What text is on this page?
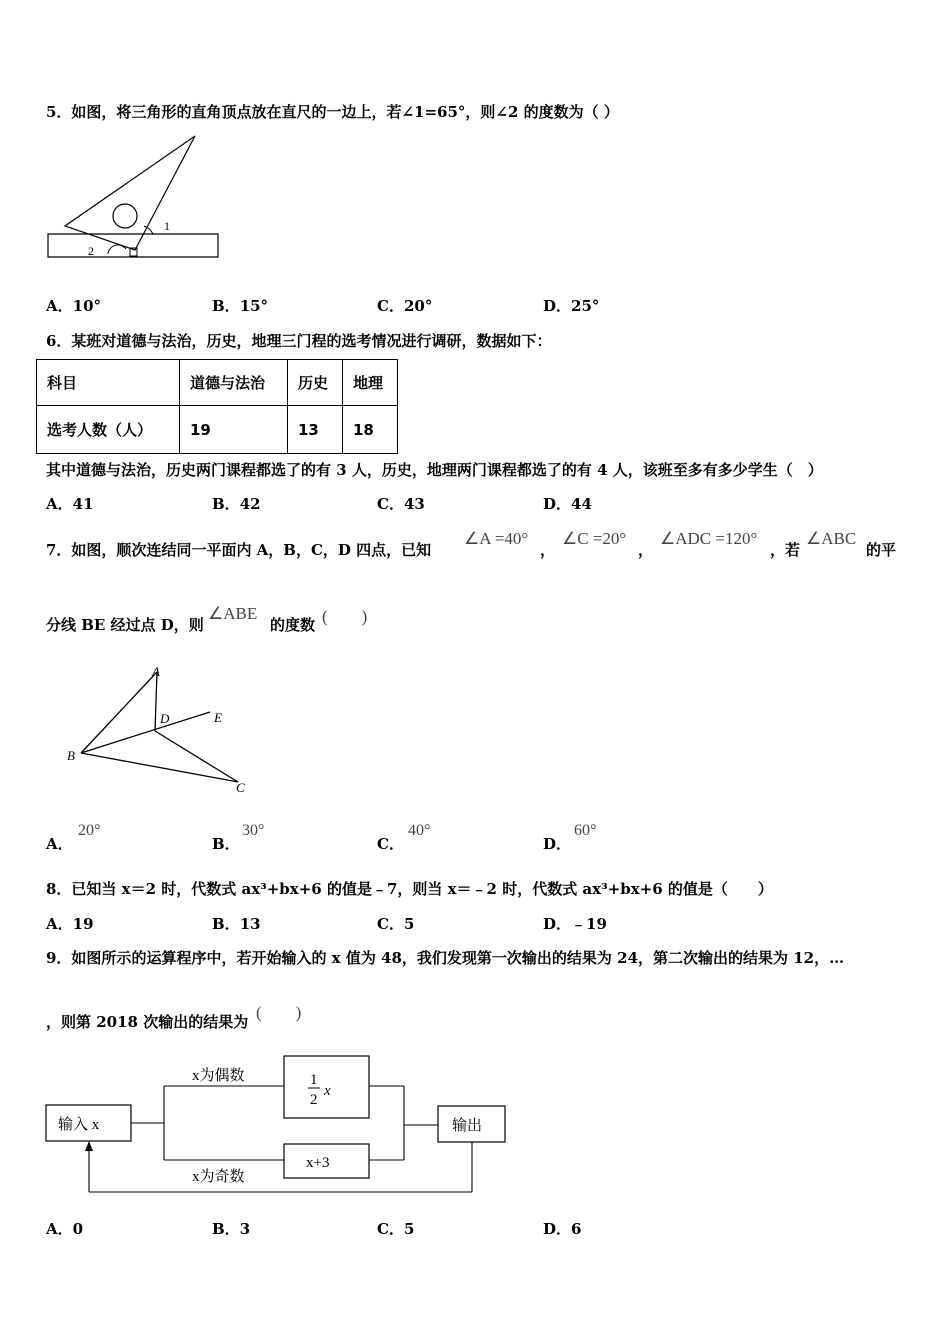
5．如图，将三角形的直角顶点放在直尺的一边上，若∠1=65°，则∠2 的度数为（ ）
1
2
A．10°	B．15°	C．20°	D．25°
6．某班对道德与法治，历史，地理三门程的选考情况进行调研，数据如下：
科目	道德与法治	历史	地理
选考人数（人）	19	13	18
其中道德与法治，历史两门课程都选了的有 3 人，历史，地理两门课程都选了的有 4 人，该班至多有多少学生（　）
A．41	B．42	C．43	D．44
7．如图，顺次连结同一平面内 A，B，C，D 四点，已知
∠A =40°
，
∠C =20°
，
∠ADC =120°
，若
∠ABC
的平
分线 BE 经过点 D，则
∠ABE
的度数 (　　)
A
B
C
D	E
A．
20°
B．
30°
C．
40°
D．
60°
8．已知当 x＝2 时，代数式 ax³+bx+6 的值是﹣7，则当 x＝﹣2 时，代数式 ax³+bx+6 的值是（　　）
A．19	B．13	C．5	D．﹣19
9．如图所示的运算程序中，若开始输入的 x 值为 48，我们发现第一次输出的结果为 24，第二次输出的结果为 12，…
，则第 2018 次输出的结果为 (　　)
输入 x
1
2
x
x+3
x为偶数
x为奇数
输出
A．0	B．3	C．5	D．6
